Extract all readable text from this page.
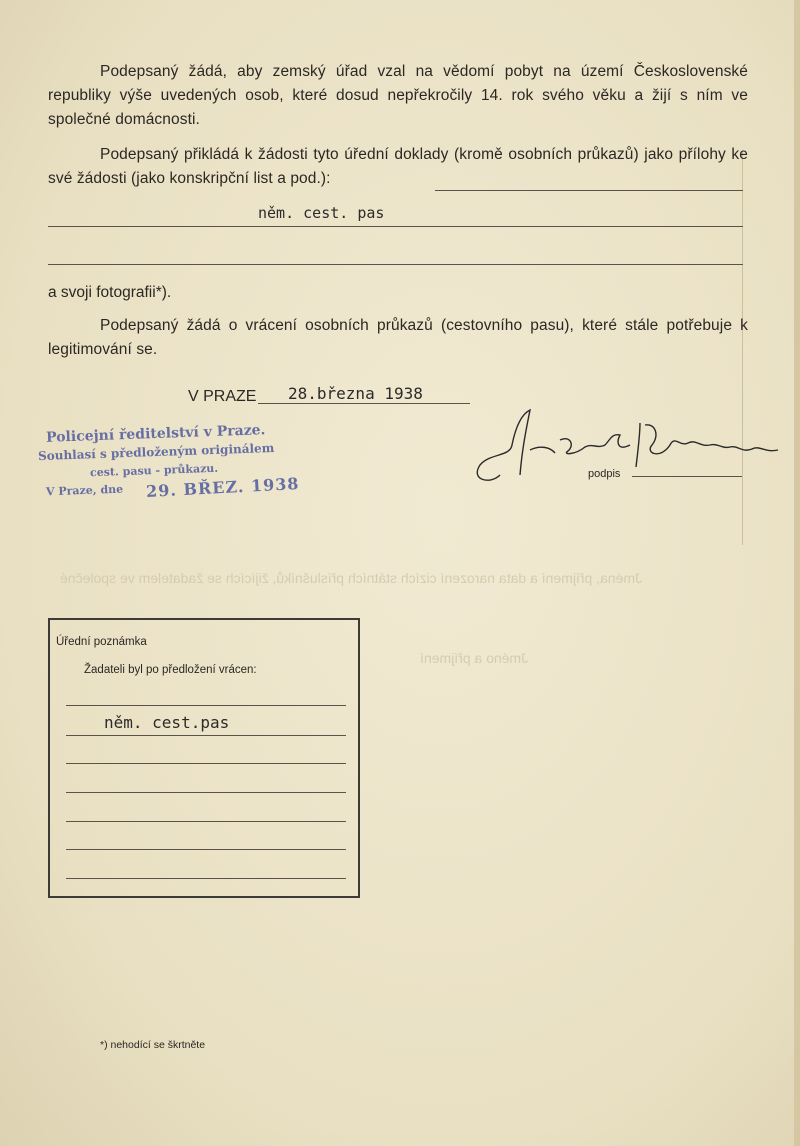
Jména, příjmení a data narození cizích státních příslušníků, žijících se žadatelem ve společné
Jméno a příjmení
Podepsaný žádá, aby zemský úřad vzal na vědomí pobyt na území Československé republiky výše uvedených osob, které dosud nepřekročily 14. rok svého věku a žijí s ním ve společné domácnosti.
Podepsaný přikládá k žádosti tyto úřední doklady (kromě osobních průkazů) jako přílohy ke své žádosti (jako konskripční list a pod.):
něm. cest. pas
a svoji fotografii*).
Podepsaný žádá o vrácení osobních průkazů (cestovního pasu), které stále potřebuje k legitimování se.
V PRAZE 28.března 1938
Policejní ředitelství v Praze.
Souhlasí s předloženým originálem
cest. pasu - průkazu.
V Praze, dne 29. BŘEZ. 1938	podpis
Úřední poznámka
Žadateli byl po předložení vrácen:
něm. cest.pas
*) nehodící se škrtněte
